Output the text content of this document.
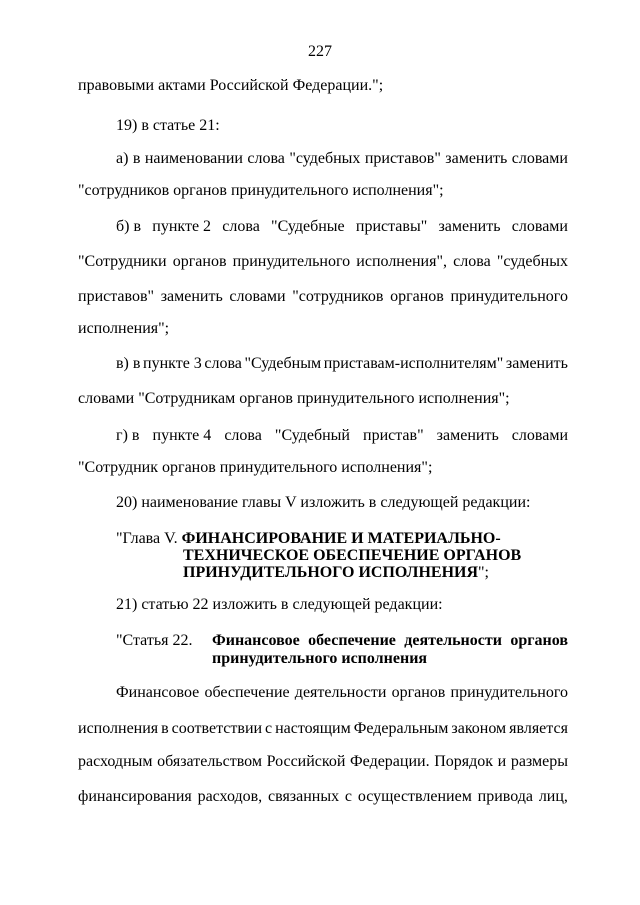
227
правовыми актами Российской Федерации.";
19) в статье 21:
а) в наименовании слова "судебных приставов" заменить словами
"сотрудников органов принудительного исполнения";
б) в пункте 2 слова "Судебные приставы" заменить словами
"Сотрудники органов принудительного исполнения", слова "судебных
приставов" заменить словами "сотрудников органов принудительного
исполнения";
в) в пункте 3 слова "Судебным приставам-исполнителям" заменить
словами "Сотрудникам органов принудительного исполнения";
г) в пункте 4 слова "Судебный пристав" заменить словами
"Сотрудник органов принудительного исполнения";
20) наименование главы V изложить в следующей редакции:
"Глава V. ФИНАНСИРОВАНИЕ И МАТЕРИАЛЬНО-
ТЕХНИЧЕСКОЕ ОБЕСПЕЧЕНИЕ ОРГАНОВ
ПРИНУДИТЕЛЬНОГО ИСПОЛНЕНИЯ";
21) статью 22 изложить в следующей редакции:
"Статья 22. Финансовое обеспечение деятельности органов
принудительного исполнения
Финансовое обеспечение деятельности органов принудительного
исполнения в соответствии с настоящим Федеральным законом является
расходным обязательством Российской Федерации. Порядок и размеры
финансирования расходов, связанных с осуществлением привода лиц,
